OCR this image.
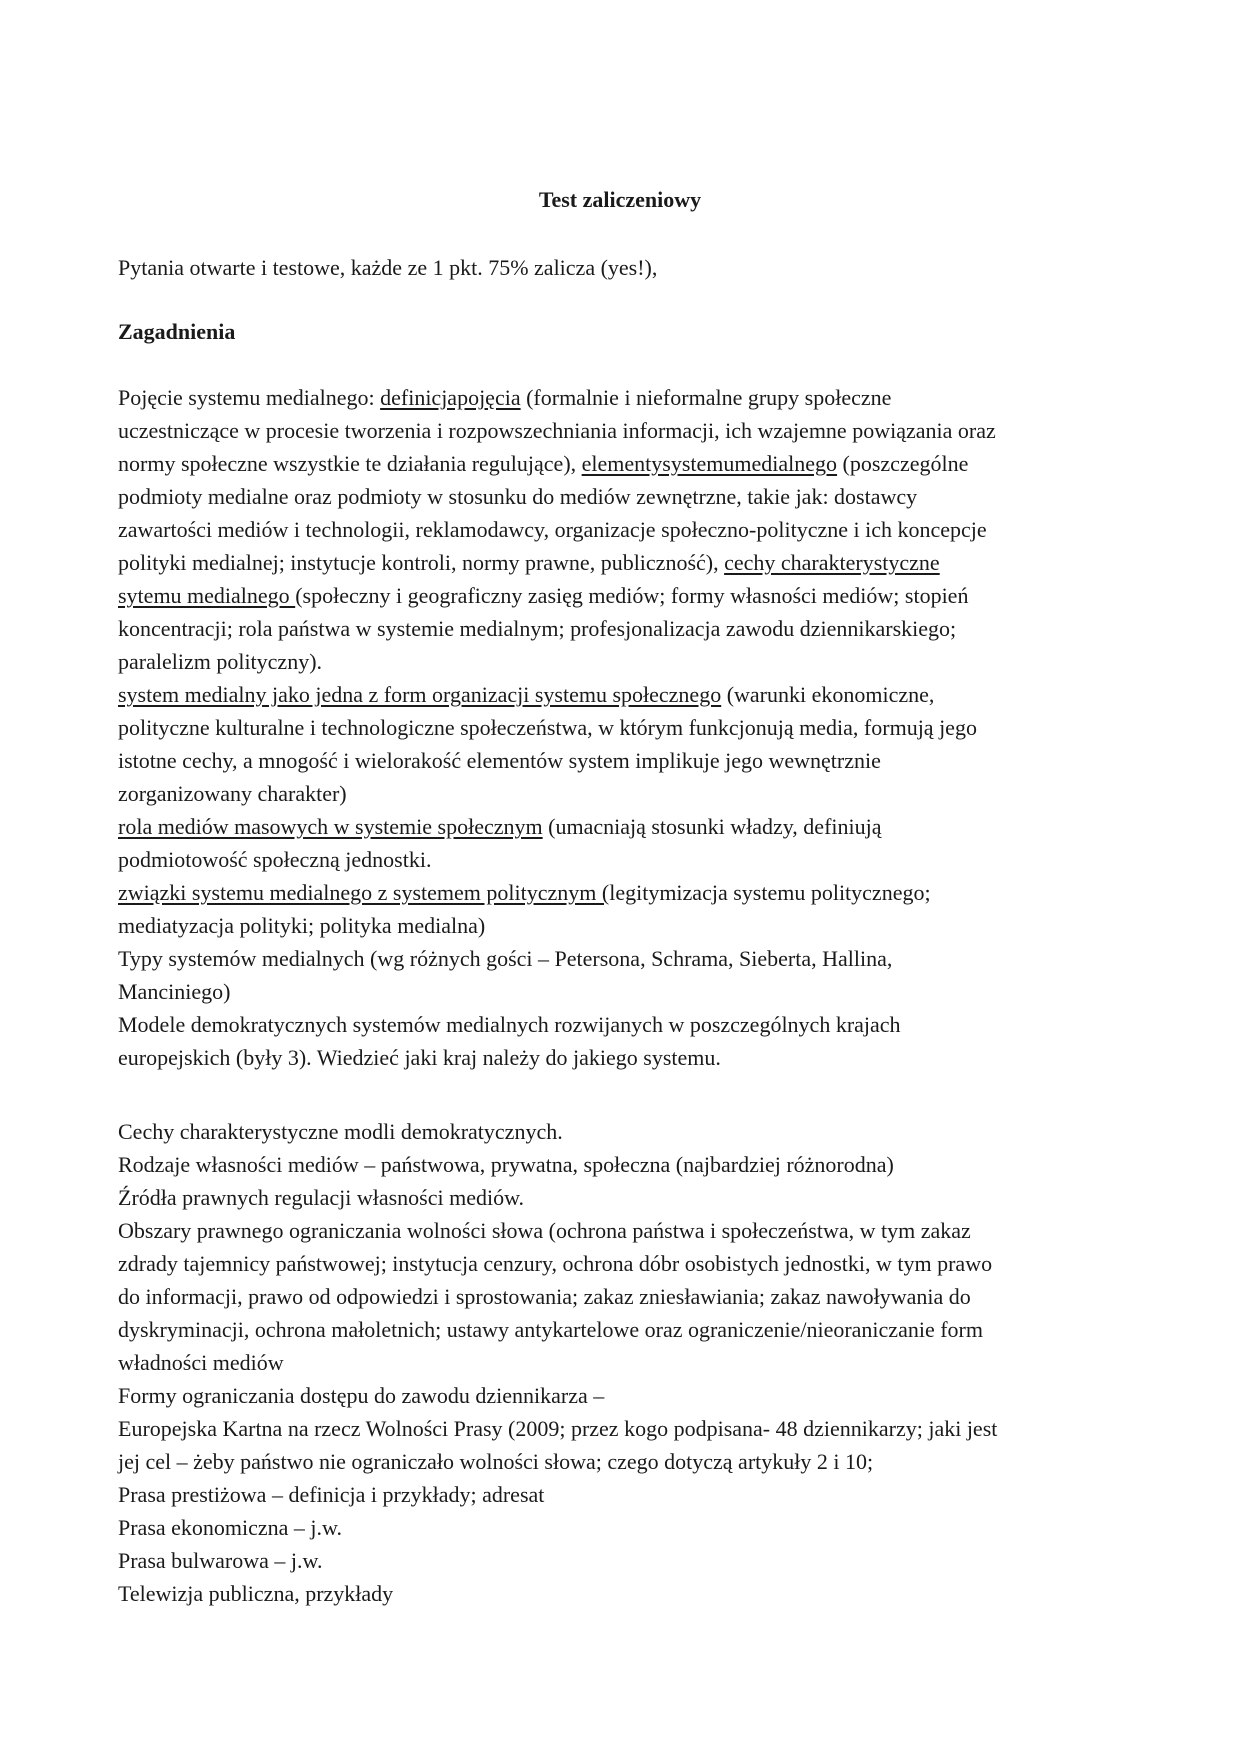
Test zaliczeniowy

Pytania otwarte i testowe, każde ze 1 pkt. 75% zalicza (yes!),

Zagadnienia
Pojęcie systemu medialnego: definicjapojęcia (formalnie i nieformalne grupy społeczne
uczestniczące w procesie tworzenia i rozpowszechniania informacji, ich wzajemne powiązania oraz
normy społeczne wszystkie te działania regulujące), elementysystemumedialnego (poszczególne
podmioty medialne oraz podmioty w stosunku do mediów zewnętrzne, takie jak: dostawcy
zawartości mediów i technologii, reklamodawcy, organizacje społeczno-polityczne i ich koncepcje
polityki medialnej; instytucje kontroli, normy prawne, publiczność), cechy charakterystyczne
sytemu medialnego (społeczny i geograficzny zasięg mediów; formy własności mediów; stopień
koncentracji; rola państwa w systemie medialnym; profesjonalizacja zawodu dziennikarskiego;
paralelizm polityczny).
system medialny jako jedna z form organizacji systemu społecznego (warunki ekonomiczne,
polityczne kulturalne i technologiczne społeczeństwa, w którym funkcjonują media, formują jego
istotne cechy, a mnogość i wielorakość elementów system implikuje jego wewnętrznie
zorganizowany charakter)
rola mediów masowych w systemie społecznym (umacniają stosunki władzy, definiują
podmiotowość społeczną jednostki.
związki systemu medialnego z systemem politycznym (legitymizacja systemu politycznego;
mediatyzacja polityki; polityka medialna)
Typy systemów medialnych (wg różnych gości – Petersona, Schrama, Sieberta, Hallina,
Manciniego)
Modele demokratycznych systemów medialnych rozwijanych w poszczególnych krajach
europejskich (były 3). Wiedzieć jaki kraj należy do jakiego systemu.
Cechy charakterystyczne modli demokratycznych.
Rodzaje własności mediów – państwowa, prywatna, społeczna (najbardziej różnorodna)
Źródła prawnych regulacji własności mediów.
Obszary prawnego ograniczania wolności słowa (ochrona państwa i społeczeństwa, w tym zakaz
zdrady tajemnicy państwowej; instytucja cenzury, ochrona dóbr osobistych jednostki, w tym prawo
do informacji, prawo od odpowiedzi i sprostowania; zakaz zniesławiania; zakaz nawoływania do
dyskryminacji, ochrona małoletnich; ustawy antykartelowe oraz ograniczenie/nieoraniczanie form
władności mediów
Formy ograniczania dostępu do zawodu dziennikarza –
Europejska Kartna na rzecz Wolności Prasy (2009; przez kogo podpisana- 48 dziennikarzy; jaki jest
jej cel – żeby państwo nie ograniczało wolności słowa; czego dotyczą artykuły 2 i 10;
Prasa prestiżowa – definicja i przykłady; adresat
Prasa ekonomiczna – j.w.
Prasa bulwarowa – j.w.
Telewizja publiczna, przykłady
